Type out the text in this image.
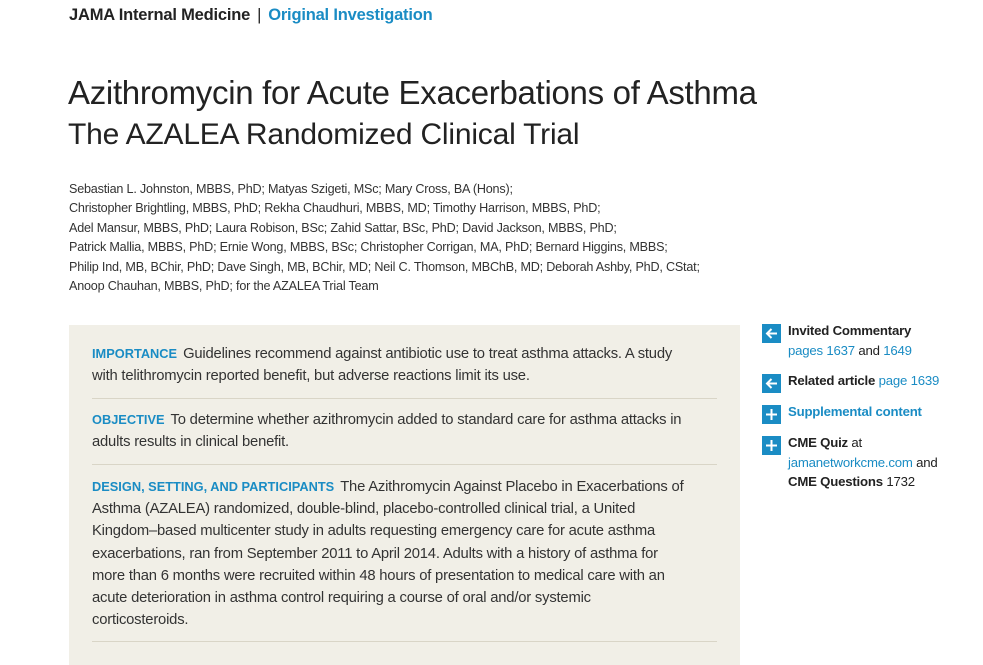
JAMA Internal Medicine | Original Investigation
Azithromycin for Acute Exacerbations of Asthma
The AZALEA Randomized Clinical Trial
Sebastian L. Johnston, MBBS, PhD; Matyas Szigeti, MSc; Mary Cross, BA (Hons);
Christopher Brightling, MBBS, PhD; Rekha Chaudhuri, MBBS, MD; Timothy Harrison, MBBS, PhD;
Adel Mansur, MBBS, PhD; Laura Robison, BSc; Zahid Sattar, BSc, PhD; David Jackson, MBBS, PhD;
Patrick Mallia, MBBS, PhD; Ernie Wong, MBBS, BSc; Christopher Corrigan, MA, PhD; Bernard Higgins, MBBS;
Philip Ind, MB, BChir, PhD; Dave Singh, MB, BChir, MD; Neil C. Thomson, MBChB, MD; Deborah Ashby, PhD, CStat;
Anoop Chauhan, MBBS, PhD; for the AZALEA Trial Team
IMPORTANCE Guidelines recommend against antibiotic use to treat asthma attacks. A study
with telithromycin reported benefit, but adverse reactions limit its use.
OBJECTIVE To determine whether azithromycin added to standard care for asthma attacks in
adults results in clinical benefit.
DESIGN, SETTING, AND PARTICIPANTS The Azithromycin Against Placebo in Exacerbations of
Asthma (AZALEA) randomized, double-blind, placebo-controlled clinical trial, a United
Kingdom–based multicenter study in adults requesting emergency care for acute asthma
exacerbations, ran from September 2011 to April 2014. Adults with a history of asthma for
more than 6 months were recruited within 48 hours of presentation to medical care with an
acute deterioration in asthma control requiring a course of oral and/or systemic
corticosteroids.
Invited Commentary
pages 1637 and 1649
Related article page 1639
Supplemental content
CME Quiz at
jamanetworkcme.com and
CME Questions 1732
